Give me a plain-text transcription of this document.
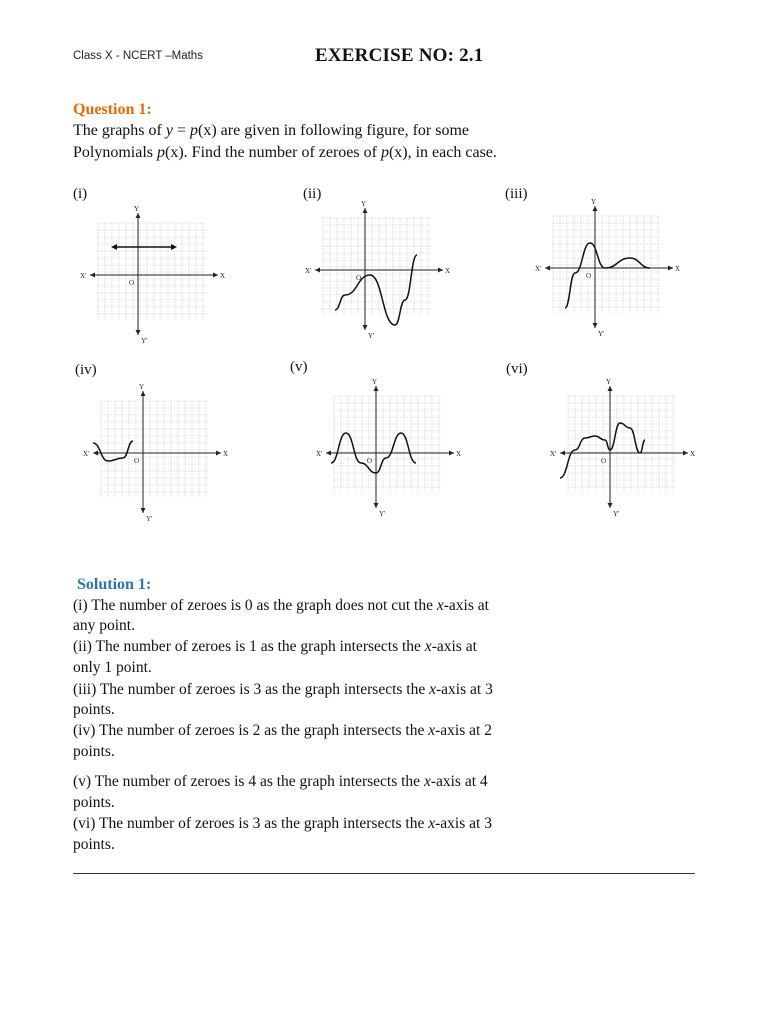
Class X - NCERT –Maths	EXERCISE NO: 2.1
Question 1:
The graphs of y = p(x) are given in following figure, for some
Polynomials p(x). Find the number of zeroes of p(x), in each case.
(i)	(ii)	(iii)
(iv)	(v)	(vi)
X
X'
Y
Y'
O
X
X'
Y
Y'
O
X
X'
Y
Y'
O
X
X'
Y
Y'
O
X
X'
Y
Y'
O
X
X'
Y
Y'
O
Solution 1:
(i) The number of zeroes is 0 as the graph does not cut the x-axis at
any point.
(ii) The number of zeroes is 1 as the graph intersects the x-axis at
only 1 point.
(iii) The number of zeroes is 3 as the graph intersects the x-axis at 3
points.
(iv) The number of zeroes is 2 as the graph intersects the x-axis at 2
points.
(v) The number of zeroes is 4 as the graph intersects the x-axis at 4
points.
(vi) The number of zeroes is 3 as the graph intersects the x-axis at 3
points.
